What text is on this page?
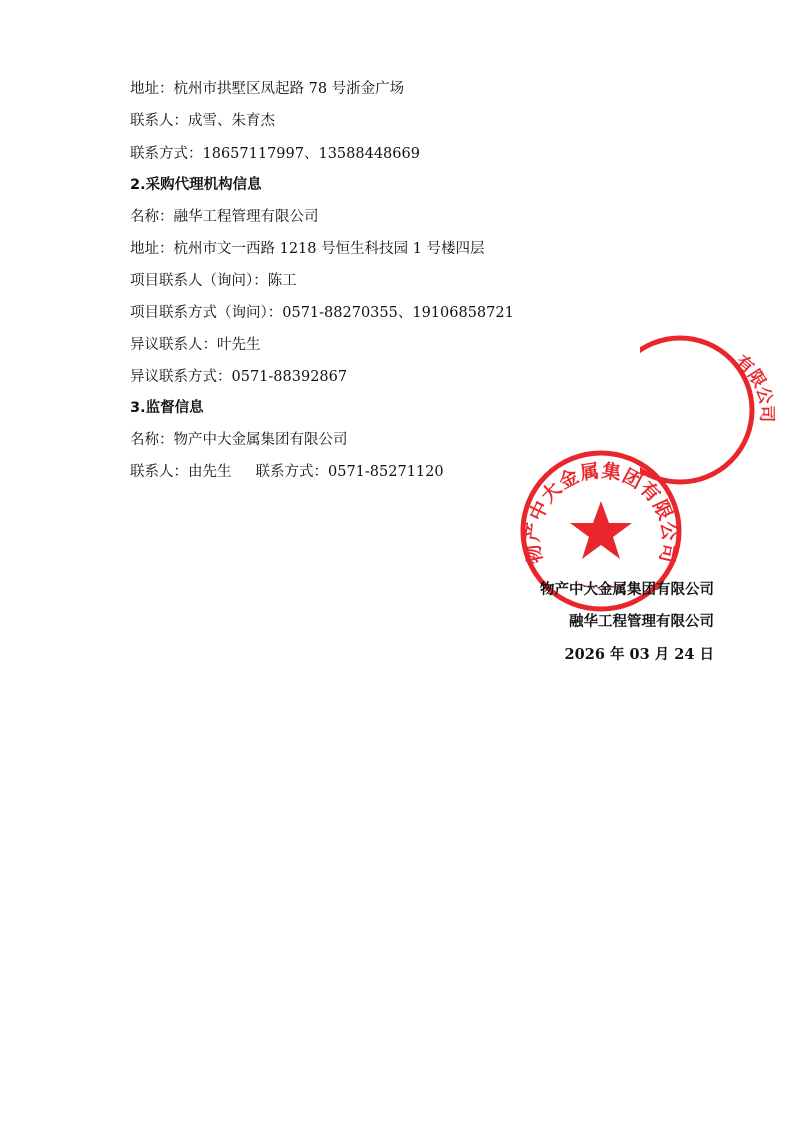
地址：杭州市拱墅区凤起路 78 号浙金广场
联系人：成雪、朱育杰
联系方式：18657117997、13588448669
2.采购代理机构信息
名称：融华工程管理有限公司
地址：杭州市文一西路 1218 号恒生科技园 1 号楼四层
项目联系人（询问）：陈工
项目联系方式（询问）：0571-88270355、19106858721
异议联系人：叶先生
异议联系方式：0571-88392867
3.监督信息
名称：物产中大金属集团有限公司
联系人：由先生 联系方式：0571-85271120
有限公司
物产中大金属集团有限公司
物产中大金属集团有限公司
融华工程管理有限公司
2026 年 03 月 24 日
